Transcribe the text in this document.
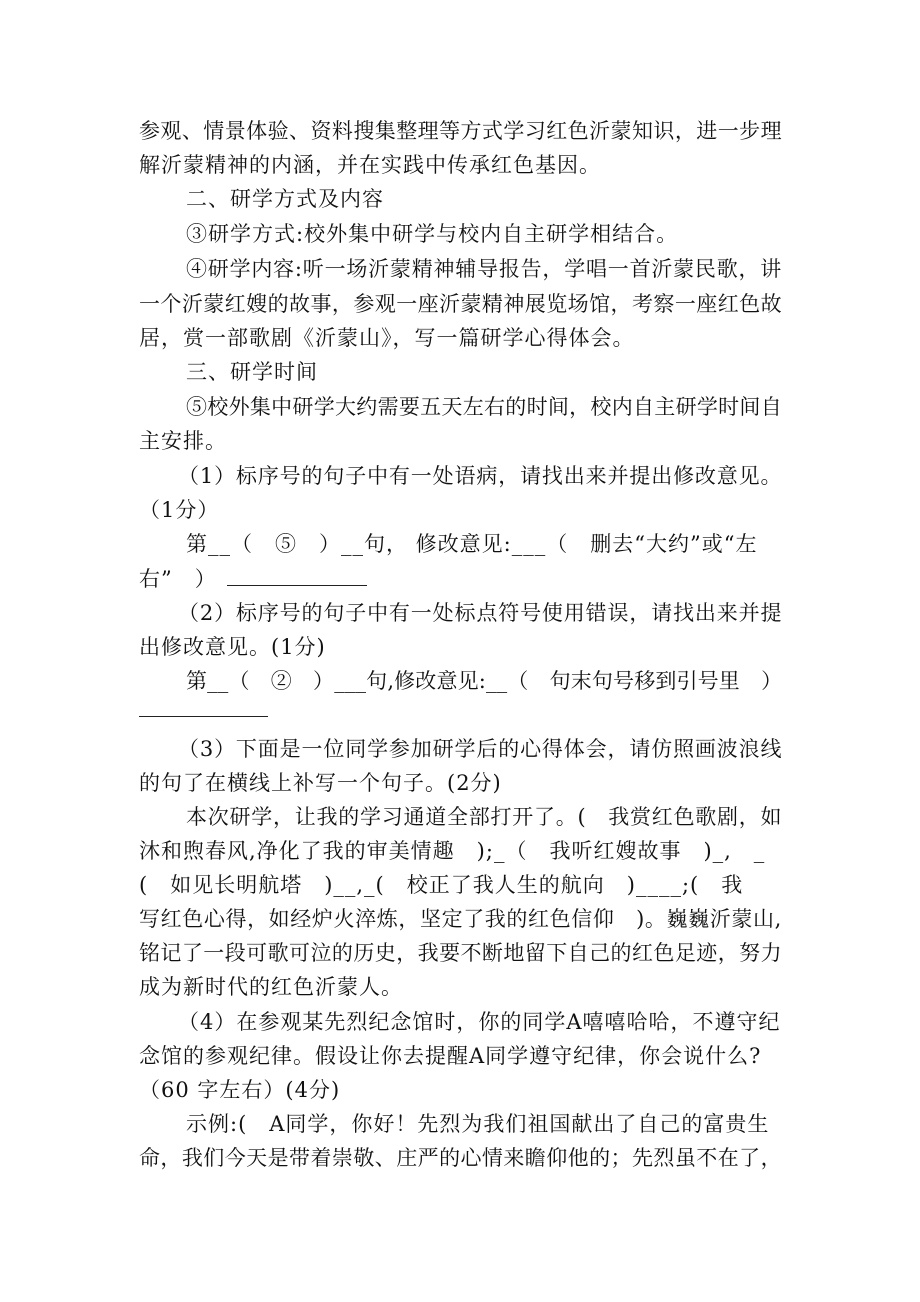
参观、情景体验、资料搜集整理等方式学习红色沂蒙知识，进一步理
解沂蒙精神的内涵，并在实践中传承红色基因。
二、研学方式及内容
③研学方式:校外集中研学与校内自主研学相结合。
④研学内容:听一场沂蒙精神辅导报告，学唱一首沂蒙民歌，讲
一个沂蒙红嫂的故事，参观一座沂蒙精神展览场馆，考察一座红色故
居，赏一部歌剧《沂蒙山》，写一篇研学心得体会。
三、研学时间
⑤校外集中研学大约需要五天左右的时间，校内自主研学时间自
主安排。
（1）标序号的句子中有一处语病，请找出来并提出修改意见。
（1分）
第__（　⑤　）__句， 修改意见:___（　删去“大约”或“左
右”　）
（2）标序号的句子中有一处标点符号使用错误，请找出来并提
出修改意见。(1分)
第__（　②　）___句,修改意见:__（　句末句号移到引号里　）
（3）下面是一位同学参加研学后的心得体会，请仿照画波浪线
的句了在横线上补写一个句子。(2分)
本次研学，让我的学习通道全部打开了。(　我赏红色歌剧，如
沐和煦春风,净化了我的审美情趣　);_（　我听红嫂故事　)_,　_
(　如见长明航塔　)__,_(　校正了我人生的航向　)____;(　我
写红色心得，如经炉火淬炼，坚定了我的红色信仰　)。巍巍沂蒙山,
铭记了一段可歌可泣的历史，我要不断地留下自己的红色足迹，努力
成为新时代的红色沂蒙人。
（4）在参观某先烈纪念馆时，你的同学A嘻嘻哈哈，不遵守纪
念馆的参观纪律。假设让你去提醒A同学遵守纪律，你会说什么?
（60 字左右）(4分)
示例:(　A同学，你好！先烈为我们祖国献出了自己的富贵生
命，我们今天是带着崇敬、庄严的心情来瞻仰他的；先烈虽不在了，
